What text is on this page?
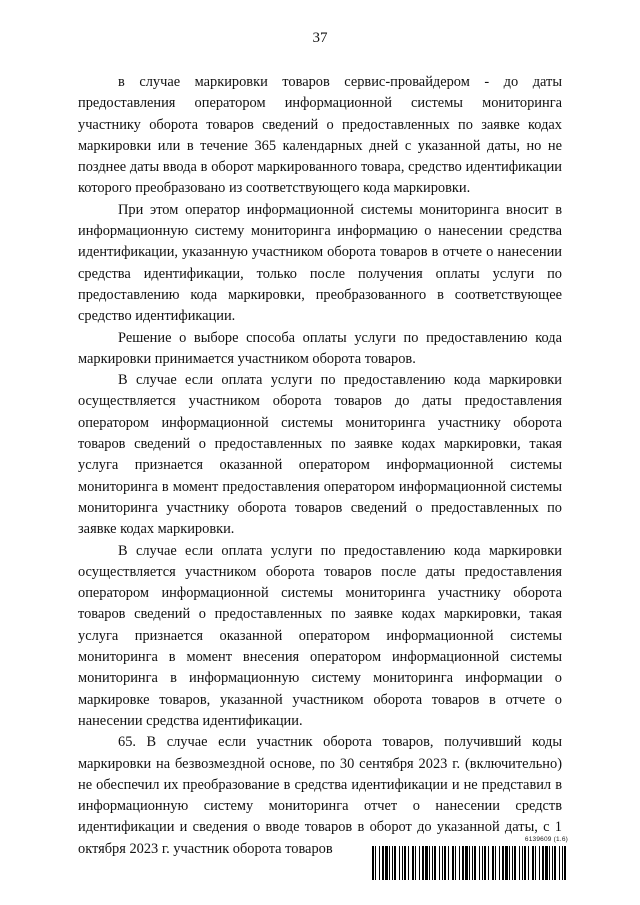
37

в случае маркировки товаров сервис-провайдером - до даты предоставления оператором информационной системы мониторинга участнику оборота товаров сведений о предоставленных по заявке кодах маркировки или в течение 365 календарных дней с указанной даты, но не позднее даты ввода в оборот маркированного товара, средство идентификации которого преобразовано из соответствующего кода маркировки.

При этом оператор информационной системы мониторинга вносит в информационную систему мониторинга информацию о нанесении средства идентификации, указанную участником оборота товаров в отчете о нанесении средства идентификации, только после получения оплаты услуги по предоставлению кода маркировки, преобразованного в соответствующее средство идентификации.

Решение о выборе способа оплаты услуги по предоставлению кода маркировки принимается участником оборота товаров.

В случае если оплата услуги по предоставлению кода маркировки осуществляется участником оборота товаров до даты предоставления оператором информационной системы мониторинга участнику оборота товаров сведений о предоставленных по заявке кодах маркировки, такая услуга признается оказанной оператором информационной системы мониторинга в момент предоставления оператором информационной системы мониторинга участнику оборота товаров сведений о предоставленных по заявке кодах маркировки.

В случае если оплата услуги по предоставлению кода маркировки осуществляется участником оборота товаров после даты предоставления оператором информационной системы мониторинга участнику оборота товаров сведений о предоставленных по заявке кодах маркировки, такая услуга признается оказанной оператором информационной системы мониторинга в момент внесения оператором информационной системы мониторинга в информационную систему мониторинга информации о маркировке товаров, указанной участником оборота товаров в отчете о нанесении средства идентификации.

65. В случае если участник оборота товаров, получивший коды маркировки на безвозмездной основе, по 30 сентября 2023 г. (включительно) не обеспечил их преобразование в средства идентификации и не представил в информационную систему мониторинга отчет о нанесении средств идентификации и сведения о вводе товаров в оборот до указанной даты, с 1 октября 2023 г. участник оборота товаров

6139609 (1.6)
